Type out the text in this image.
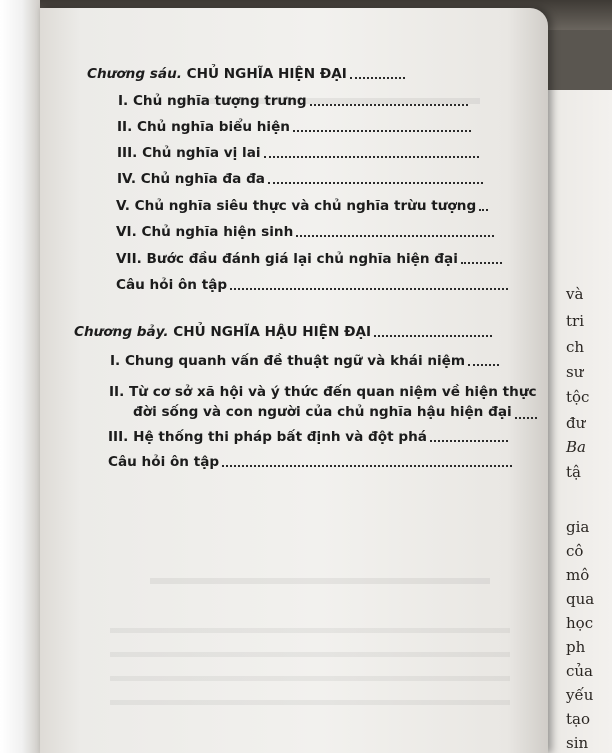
và
tri
ch
sư
tộc
đư
Ba
tậ
gia
cô
mô
qua
học
ph
của
yếu
tạo
sin
Chương sáu. CHỦ NGHĨA HIỆN ĐẠI
I. Chủ nghĩa tượng trưng
II. Chủ nghĩa biểu hiện
III. Chủ nghĩa vị lai
IV. Chủ nghĩa đa đa
V. Chủ nghĩa siêu thực và chủ nghĩa trừu tượng
VI. Chủ nghĩa hiện sinh
VII. Bước đầu đánh giá lại chủ nghĩa hiện đại
Câu hỏi ôn tập
Chương bảy. CHỦ NGHĨA HẬU HIỆN ĐẠI
I. Chung quanh vấn đề thuật ngữ và khái niệm
II. Từ cơ sở xã hội và ý thức đến quan niệm về hiện thực
đời sống và con người của chủ nghĩa hậu hiện đại
III. Hệ thống thi pháp bất định và đột phá
Câu hỏi ôn tập
